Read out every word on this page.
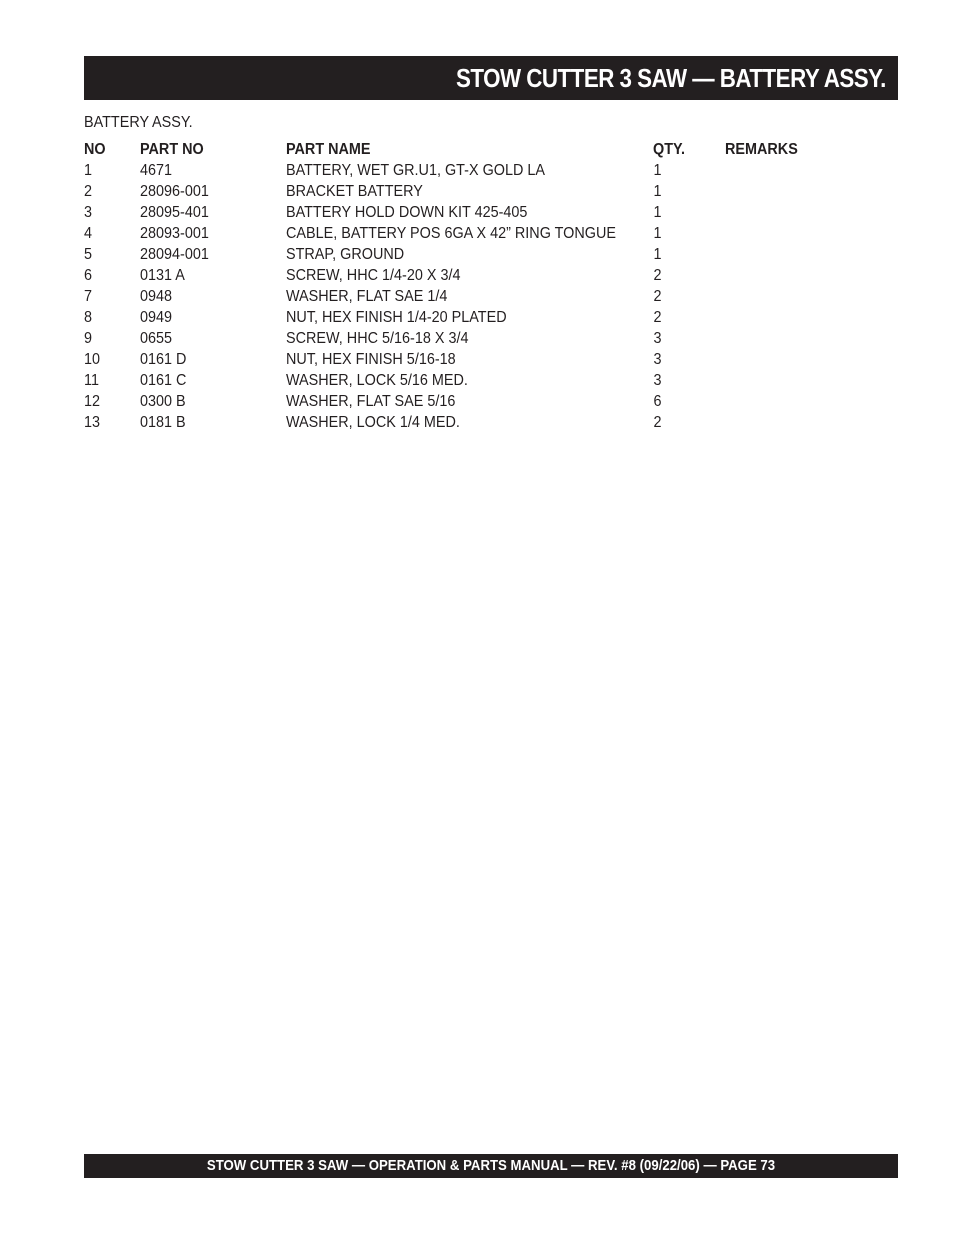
STOW CUTTER 3 SAW — BATTERY ASSY.
BATTERY ASSY.
NO	PART NO	PART NAME	QTY.	REMARKS
1	4671	BATTERY, WET GR.U1, GT-X GOLD LA	1	
2	28096-001	BRACKET BATTERY	1	
3	28095-401	BATTERY HOLD DOWN KIT 425-405	1	
4	28093-001	CABLE, BATTERY POS 6GA X 42” RING TONGUE	1	
5	28094-001	STRAP, GROUND	1	
6	0131 A	SCREW, HHC 1/4-20 X 3/4	2	
7	0948	WASHER, FLAT SAE 1/4	2	
8	0949	NUT, HEX FINISH 1/4-20 PLATED	2	
9	0655	SCREW, HHC 5/16-18 X 3/4	3	
10	0161 D	NUT, HEX FINISH 5/16-18	3	
11	0161 C	WASHER, LOCK 5/16 MED.	3	
12	0300 B	WASHER, FLAT SAE 5/16	6	
13	0181 B	WASHER, LOCK 1/4 MED.	2	
STOW CUTTER 3 SAW — OPERATION & PARTS MANUAL — REV. #8 (09/22/06) — PAGE 73
